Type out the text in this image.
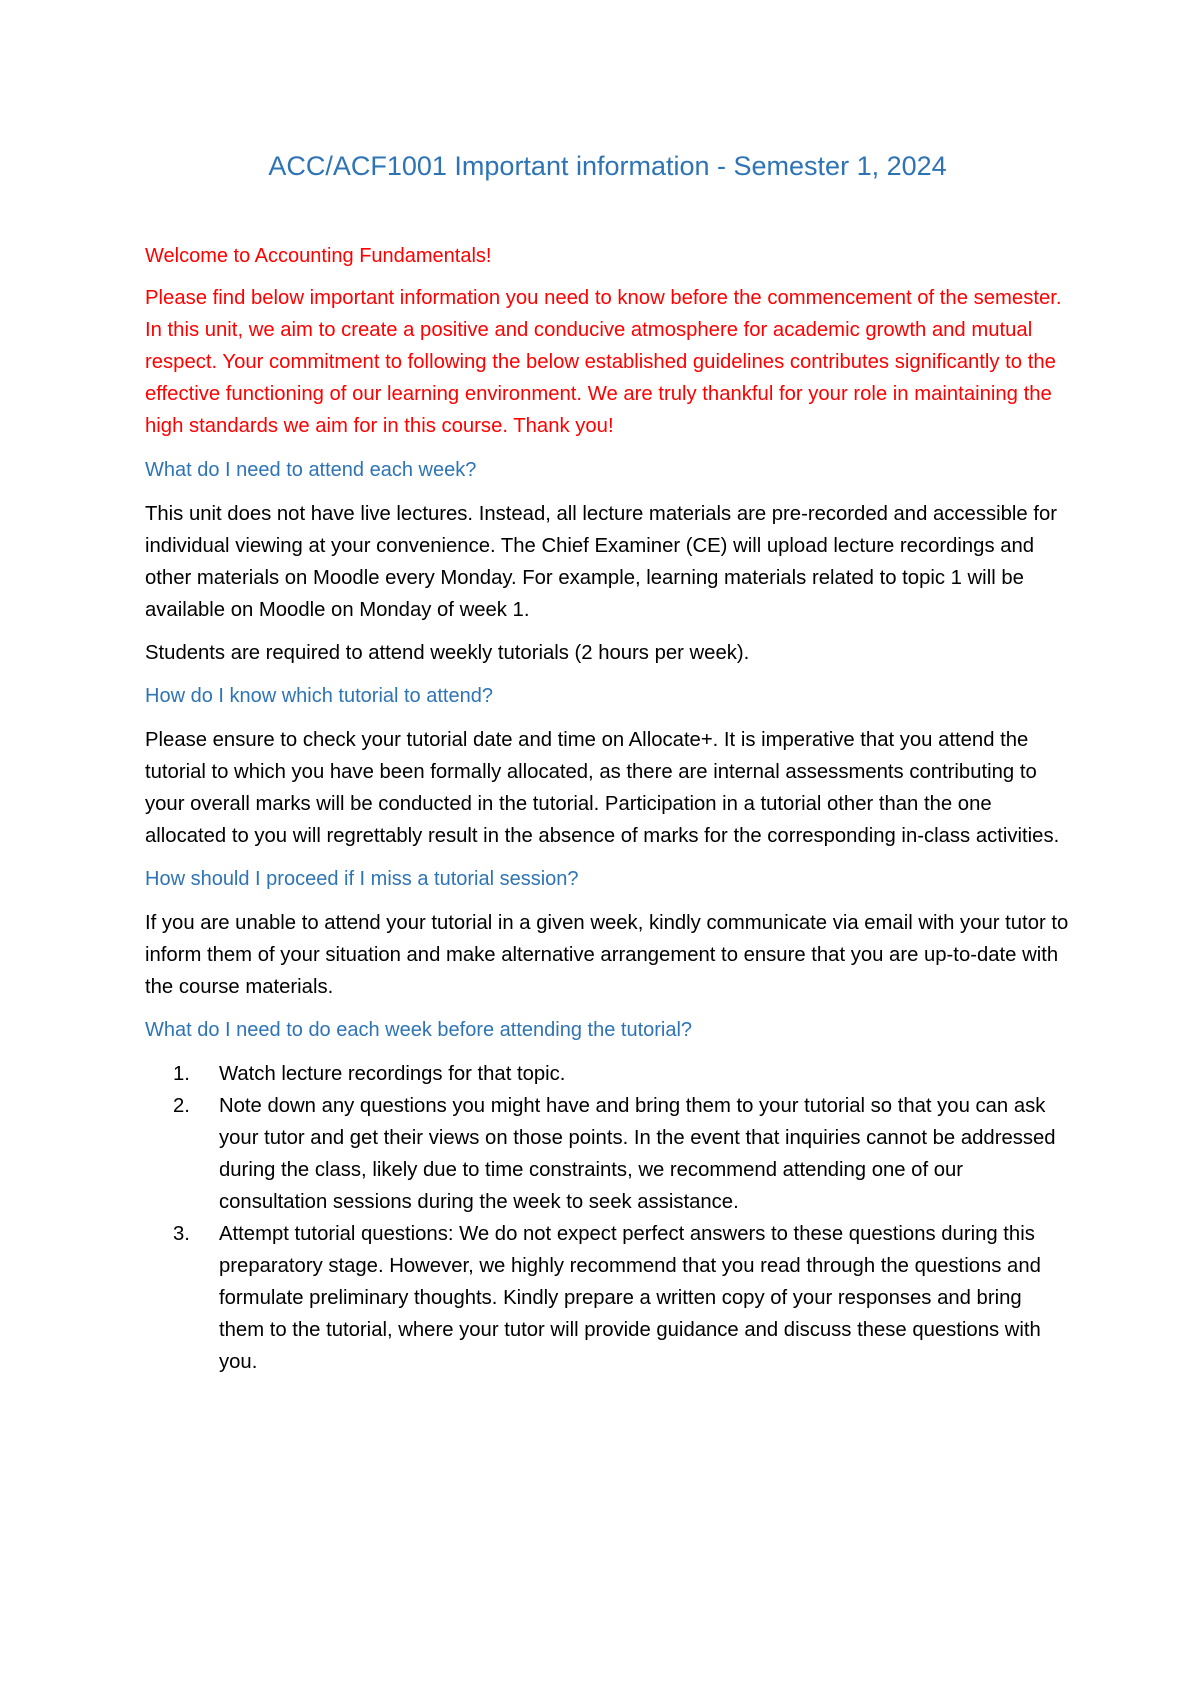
ACC/ACF1001 Important information - Semester 1, 2024

Welcome to Accounting Fundamentals!

Please find below important information you need to know before the commencement of the semester. In this unit, we aim to create a positive and conducive atmosphere for academic growth and mutual respect. Your commitment to following the below established guidelines contributes significantly to the effective functioning of our learning environment. We are truly thankful for your role in maintaining the high standards we aim for in this course. Thank you!

What do I need to attend each week?

This unit does not have live lectures. Instead, all lecture materials are pre-recorded and accessible for individual viewing at your convenience. The Chief Examiner (CE) will upload lecture recordings and other materials on Moodle every Monday. For example, learning materials related to topic 1 will be available on Moodle on Monday of week 1.

Students are required to attend weekly tutorials (2 hours per week).

How do I know which tutorial to attend?

Please ensure to check your tutorial date and time on Allocate+. It is imperative that you attend the tutorial to which you have been formally allocated, as there are internal assessments contributing to your overall marks will be conducted in the tutorial. Participation in a tutorial other than the one allocated to you will regrettably result in the absence of marks for the corresponding in-class activities.

How should I proceed if I miss a tutorial session?

If you are unable to attend your tutorial in a given week, kindly communicate via email with your tutor to inform them of your situation and make alternative arrangement to ensure that you are up-to-date with the course materials.

What do I need to do each week before attending the tutorial?
1. Watch lecture recordings for that topic.
2. Note down any questions you might have and bring them to your tutorial so that you can ask your tutor and get their views on those points. In the event that inquiries cannot be addressed during the class, likely due to time constraints, we recommend attending one of our consultation sessions during the week to seek assistance.
3. Attempt tutorial questions: We do not expect perfect answers to these questions during this preparatory stage. However, we highly recommend that you read through the questions and formulate preliminary thoughts. Kindly prepare a written copy of your responses and bring them to the tutorial, where your tutor will provide guidance and discuss these questions with you.
